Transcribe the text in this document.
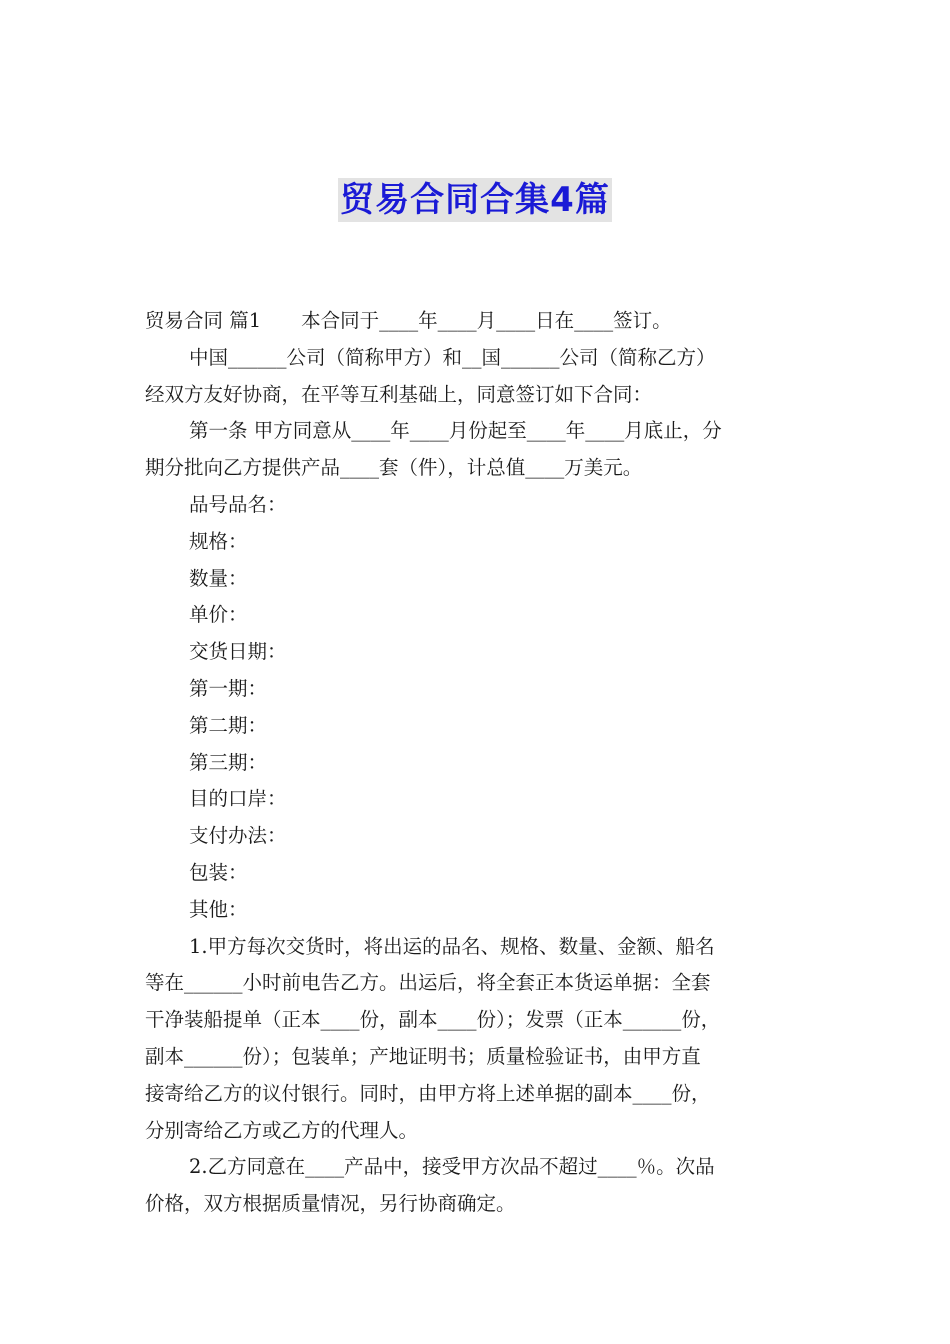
贸易合同合集4篇
贸易合同 篇1 本合同于____年____月____日在____签订。
中国______公司（简称甲方）和__国______公司（简称乙方）
经双方友好协商，在平等互利基础上，同意签订如下合同：
第一条 甲方同意从____年____月份起至____年____月底止，分
期分批向乙方提供产品____套（件），计总值____万美元。
品号品名：
规格：
数量：
单价：
交货日期：
第一期：
第二期：
第三期：
目的口岸：
支付办法：
包装：
其他：
1.甲方每次交货时，将出运的品名、规格、数量、金额、船名
等在______小时前电告乙方。出运后，将全套正本货运单据：全套
干净装船提单（正本____份，副本____份）；发票（正本______份，
副本______份）；包装单；产地证明书；质量检验证书，由甲方直
接寄给乙方的议付银行。同时，由甲方将上述单据的副本____份，
分别寄给乙方或乙方的代理人。
2.乙方同意在____产品中，接受甲方次品不超过____％。次品
价格，双方根据质量情况，另行协商确定。
